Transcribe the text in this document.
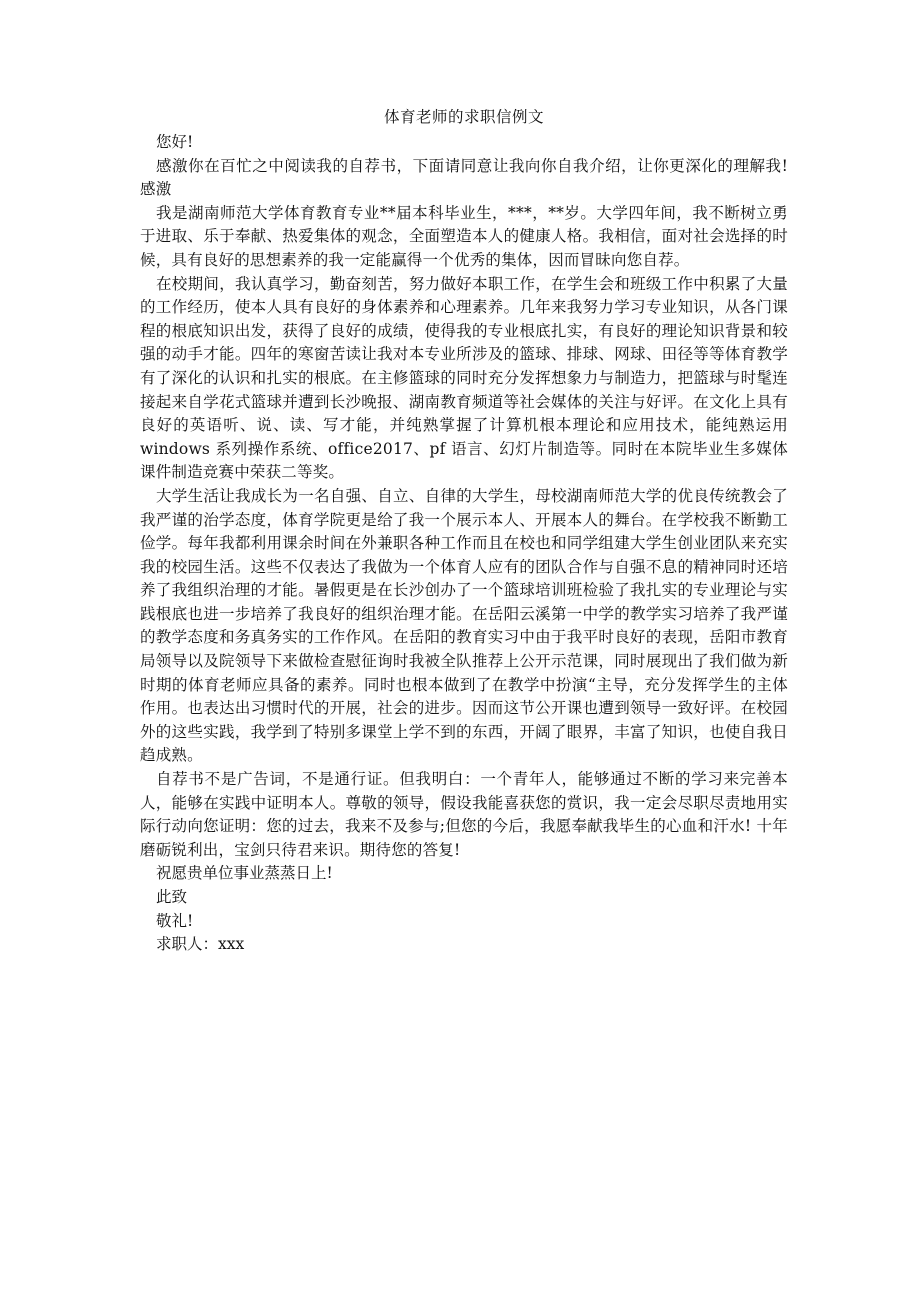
体育老师的求职信例文
您好!

感激你在百忙之中阅读我的自荐书，下面请同意让我向你自我介绍，让你更深化的理解我! 感激

我是湖南师范大学体育教育专业**届本科毕业生，***，**岁。大学四年间，我不断树立勇于进取、乐于奉献、热爱集体的观念，全面塑造本人的健康人格。我相信，面对社会选择的时候，具有良好的思想素养的我一定能赢得一个优秀的集体，因而冒昧向您自荐。

在校期间，我认真学习，勤奋刻苦，努力做好本职工作，在学生会和班级工作中积累了大量的工作经历，使本人具有良好的身体素养和心理素养。几年来我努力学习专业知识，从各门课程的根底知识出发，获得了良好的成绩，使得我的专业根底扎实，有良好的理论知识背景和较强的动手才能。四年的寒窗苦读让我对本专业所涉及的篮球、排球、网球、田径等等体育教学有了深化的认识和扎实的根底。在主修篮球的同时充分发挥想象力与制造力，把篮球与时髦连接起来自学花式篮球并遭到长沙晚报、湖南教育频道等社会媒体的关注与好评。在文化上具有良好的英语听、说、读、写才能，并纯熟掌握了计算机根本理论和应用技术，能纯熟运用 windows 系列操作系统、office2017、pf 语言、幻灯片制造等。同时在本院毕业生多媒体课件制造竞赛中荣获二等奖。

大学生活让我成长为一名自强、自立、自律的大学生，母校湖南师范大学的优良传统教会了我严谨的治学态度，体育学院更是给了我一个展示本人、开展本人的舞台。在学校我不断勤工俭学。每年我都利用课余时间在外兼职各种工作而且在校也和同学组建大学生创业团队来充实我的校园生活。这些不仅表达了我做为一个体育人应有的团队合作与自强不息的精神同时还培养了我组织治理的才能。暑假更是在长沙创办了一个篮球培训班检验了我扎实的专业理论与实践根底也进一步培养了我良好的组织治理才能。在岳阳云溪第一中学的教学实习培养了我严谨的教学态度和务真务实的工作作风。在岳阳的教育实习中由于我平时良好的表现，岳阳市教育局领导以及院领导下来做检查慰征询时我被全队推荐上公开示范课，同时展现出了我们做为新时期的体育老师应具备的素养。同时也根本做到了在教学中扮演“主导，充分发挥学生的主体作用。也表达出习惯时代的开展，社会的进步。因而这节公开课也遭到领导一致好评。在校园外的这些实践，我学到了特别多课堂上学不到的东西，开阔了眼界，丰富了知识，也使自我日趋成熟。

自荐书不是广告词，不是通行证。但我明白：一个青年人，能够通过不断的学习来完善本人，能够在实践中证明本人。尊敬的领导，假设我能喜获您的赏识，我一定会尽职尽责地用实际行动向您证明：您的过去，我来不及参与;但您的今后，我愿奉献我毕生的心血和汗水! 十年磨砺锐利出，宝剑只待君来识。期待您的答复!

祝愿贵单位事业蒸蒸日上!
此致
敬礼!
求职人：xxx
